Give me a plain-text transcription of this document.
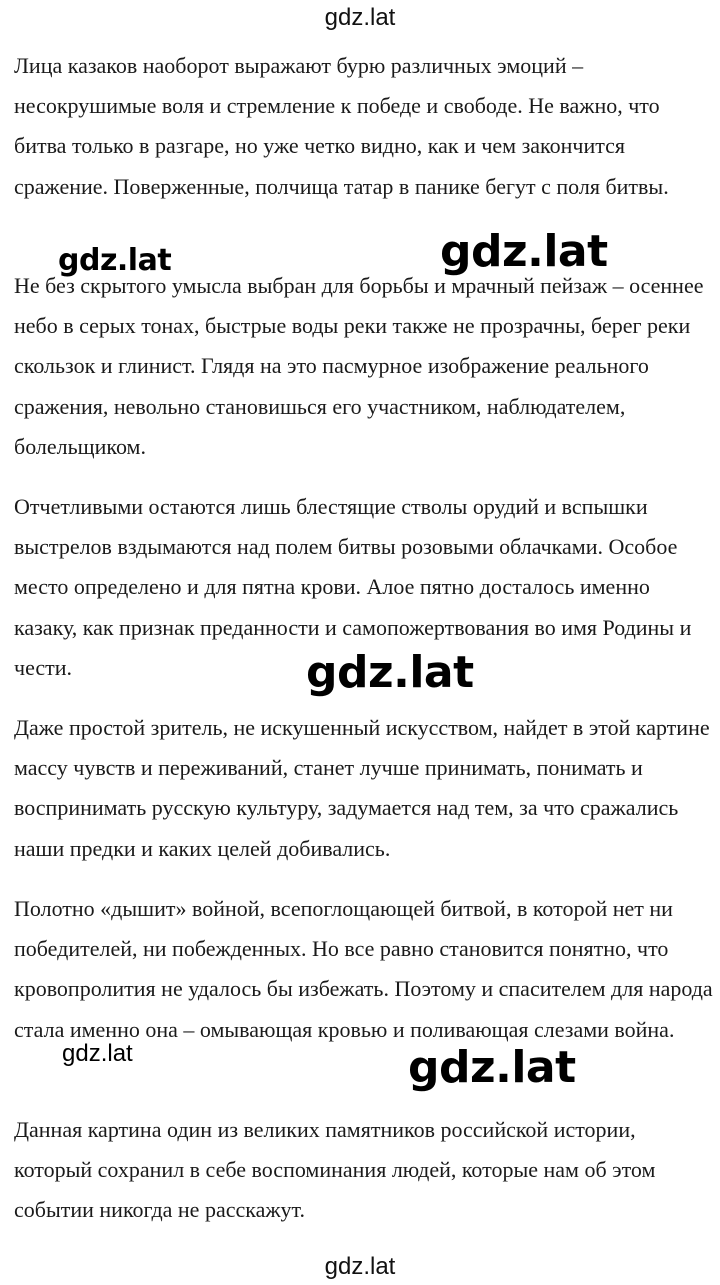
gdz.lat

Лица казаков наоборот выражают бурю различных эмоций – несокрушимые воля и стремление к победе и свободе. Не важно, что битва только в разгаре, но уже четко видно, как и чем закончится сражение. Поверженные, полчища татар в панике бегут с поля битвы.

Не без скрытого умысла выбран для борьбы и мрачный пейзаж – осеннее небо в серых тонах, быстрые воды реки также не прозрачны, берег реки скользок и глинист. Глядя на это пасмурное изображение реального сражения, невольно становишься его участником, наблюдателем, болельщиком.

Отчетливыми остаются лишь блестящие стволы орудий и вспышки выстрелов вздымаются над полем битвы розовыми облачками. Особое место определено и для пятна крови. Алое пятно досталось именно казаку, как признак преданности и самопожертвования во имя Родины и чести.

Даже простой зритель, не искушенный искусством, найдет в этой картине массу чувств и переживаний, станет лучше принимать, понимать и воспринимать русскую культуру, задумается над тем, за что сражались наши предки и каких целей добивались.

Полотно «дышит» войной, всепоглощающей битвой, в которой нет ни победителей, ни побежденных. Но все равно становится понятно, что кровопролития не удалось бы избежать. Поэтому и спасителем для народа стала именно она – омывающая кровью и поливающая слезами война.

Данная картина один из великих памятников российской истории, который сохранил в себе воспоминания людей, которые нам об этом событии никогда не расскажут.

gdz.lat	gdz.lat
gdz.lat
gdz.lat	gdz.lat
gdz.lat
